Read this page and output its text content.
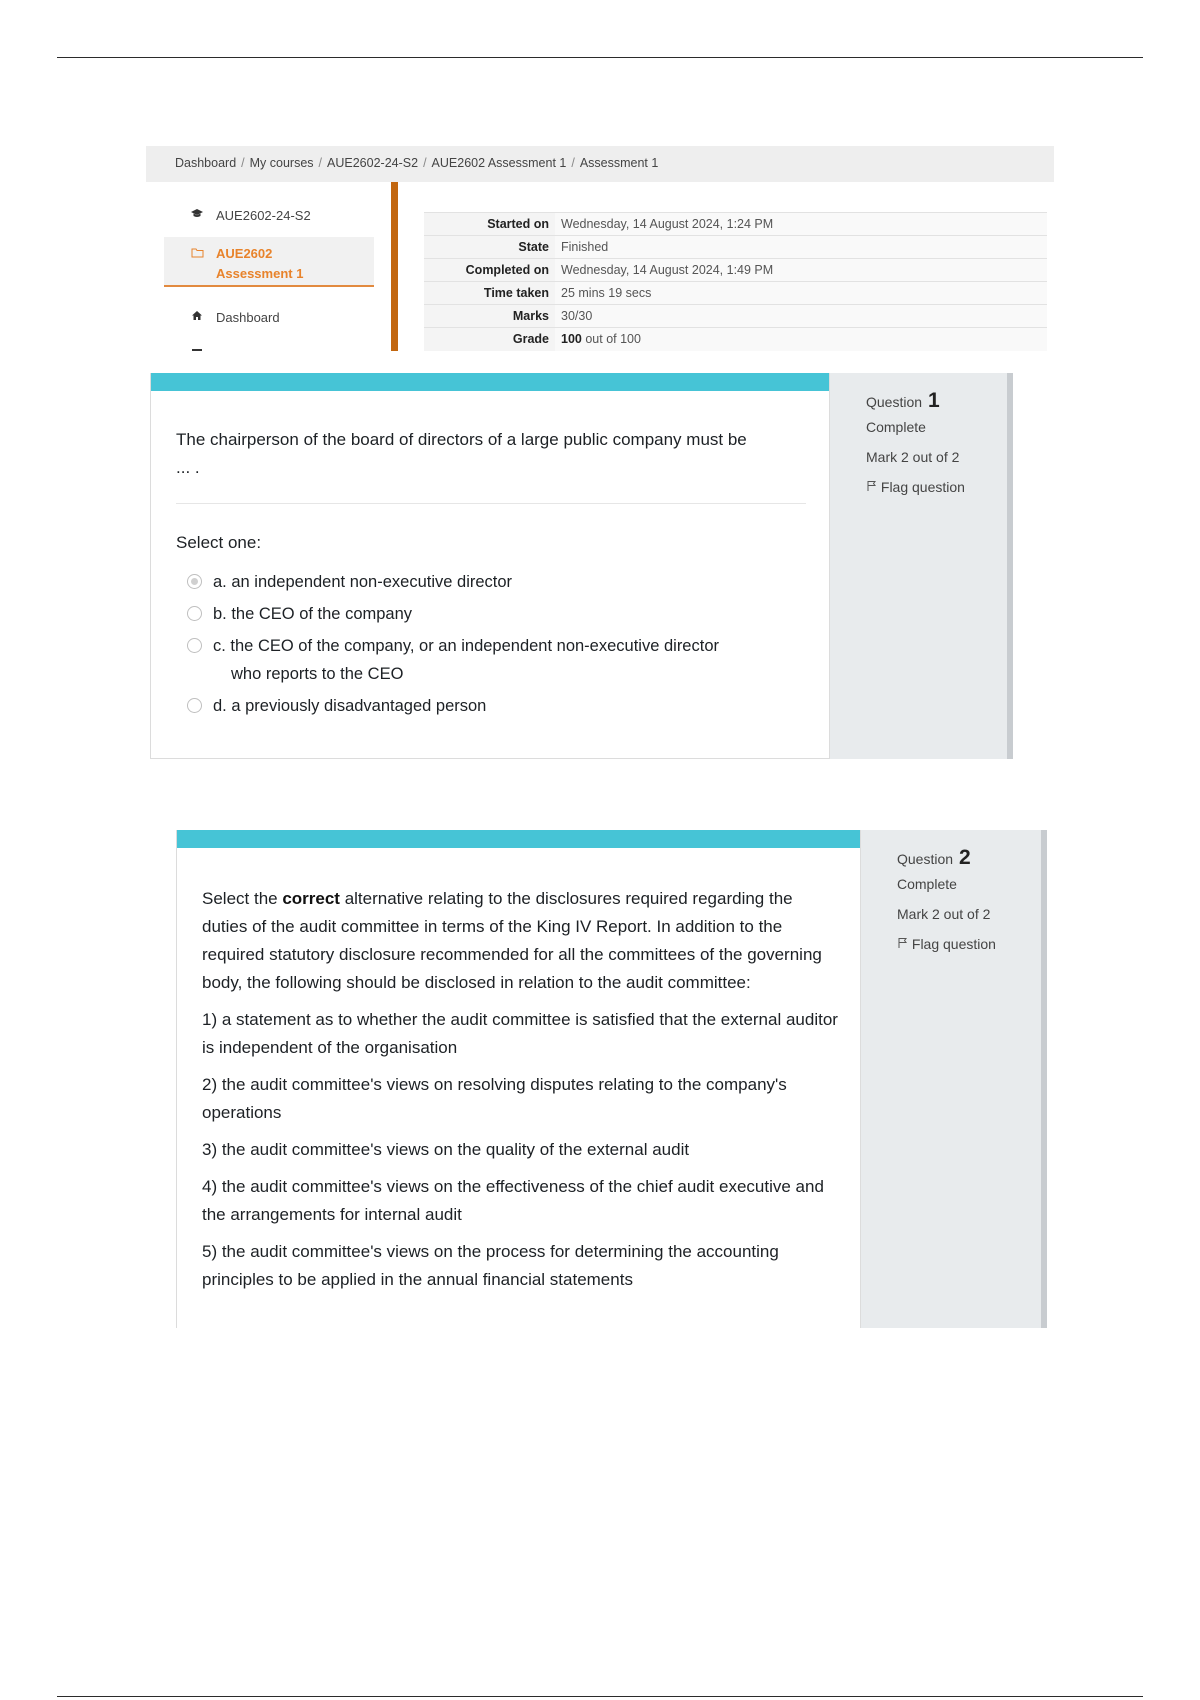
Dashboard / My courses / AUE2602-24-S2 / AUE2602 Assessment 1 / Assessment 1
AUE2602-24-S2
AUE2602
Assessment 1
Dashboard
Started on	Wednesday, 14 August 2024, 1:24 PM
State	Finished
Completed on	Wednesday, 14 August 2024, 1:49 PM
Time taken	25 mins 19 secs
Marks	30/30
Grade	100 out of 100
The chairperson of the board of directors of a large public company must be
... .
Select one:
a. an independent non-executive director
b. the CEO of the company
c. the CEO of the company, or an independent non-executive director
who reports to the CEO
d. a previously disadvantaged person
Question 1
Complete
Mark 2 out of 2
Flag question

Select the correct alternative relating to the disclosures required regarding the duties of the audit committee in terms of the King IV Report. In addition to the required statutory disclosure recommended for all the committees of the governing body, the following should be disclosed in relation to the audit committee:

1) a statement as to whether the audit committee is satisfied that the external auditor is independent of the organisation

2) the audit committee's views on resolving disputes relating to the company's operations

3) the audit committee's views on the quality of the external audit

4) the audit committee's views on the effectiveness of the chief audit executive and the arrangements for internal audit

5) the audit committee's views on the process for determining the accounting principles to be applied in the annual financial statements

Question 2
Complete
Mark 2 out of 2
Flag question
